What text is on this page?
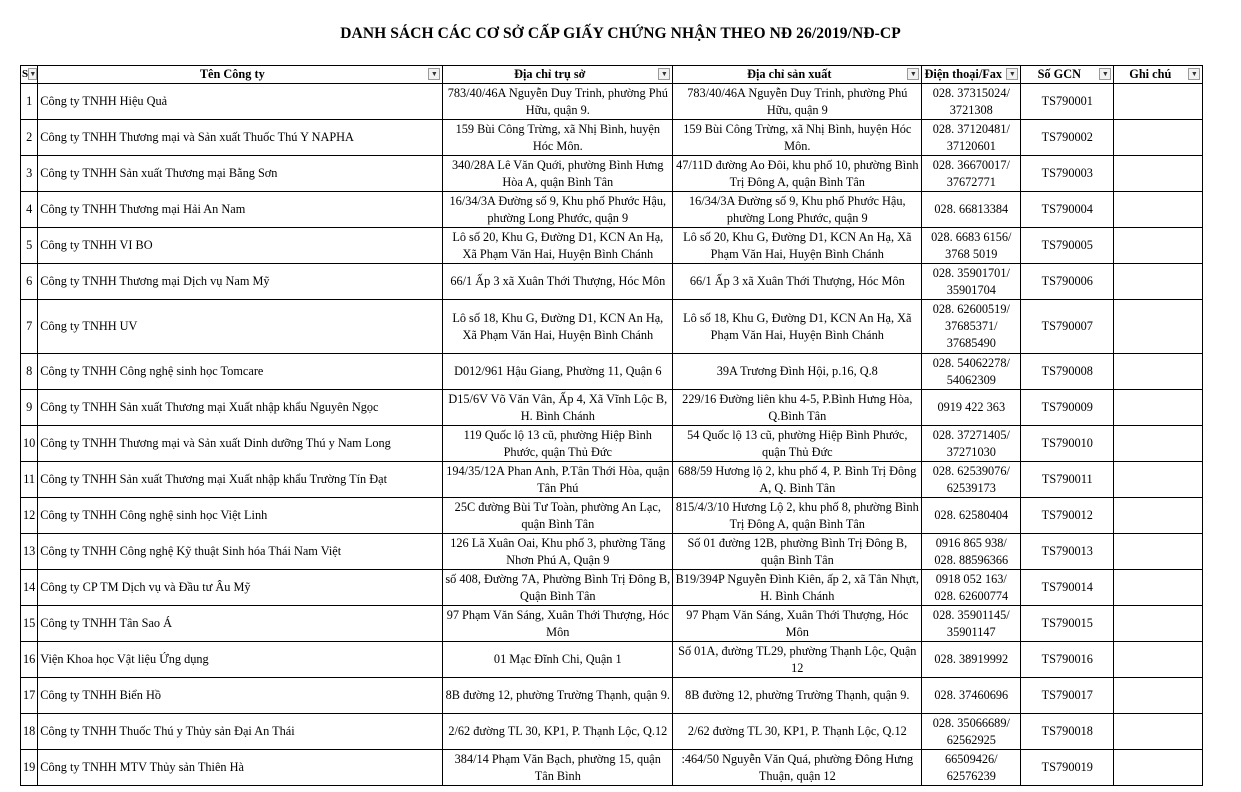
DANH SÁCH CÁC CƠ SỞ CẤP GIẤY CHỨNG NHẬN THEO NĐ 26/2019/NĐ-CP
S ▼	Tên Công ty ▼	Địa chỉ trụ sở ▼	Địa chỉ sản xuất ▼	Điện thoại/Fax ▼	Số GCN ▼	Ghi chú ▼

1	Công ty TNHH Hiệu Quả	783/40/46A Nguyễn Duy Trinh, phường Phú Hữu, quận 9.	783/40/46A Nguyễn Duy Trinh, phường Phú Hữu, quận 9	028. 37315024/ 3721308	TS790001	
2	Công ty TNHH Thương mại và Sản xuất Thuốc Thú Y NAPHA	159 Bùi Công Trừng, xã Nhị Bình, huyện Hóc Môn.	159 Bùi Công Trừng, xã Nhị Bình, huyện Hóc Môn.	028. 37120481/ 37120601	TS790002	
3	Công ty TNHH Sản xuất Thương mại Bằng Sơn	340/28A Lê Văn Quới, phường Bình Hưng Hòa A, quận Bình Tân	47/11D đường Ao Đôi, khu phố 10, phường Bình Trị Đông A, quận Bình Tân	028. 36670017/ 37672771	TS790003	
4	Công ty TNHH Thương mại Hải An Nam	16/34/3A Đường số 9, Khu phố Phước Hậu, phường Long Phước, quận 9	16/34/3A Đường số 9, Khu phố Phước Hậu, phường Long Phước, quận 9	028. 66813384	TS790004	
5	Công ty TNHH VI BO	Lô số 20, Khu G, Đường D1, KCN An Hạ, Xã Phạm Văn Hai, Huyện Bình Chánh	Lô số 20, Khu G, Đường D1, KCN An Hạ, Xã Phạm Văn Hai, Huyện Bình Chánh	028. 6683 6156/ 3768 5019	TS790005	
6	Công ty TNHH Thương mại Dịch vụ Nam Mỹ	66/1 Ấp 3 xã Xuân Thới Thượng, Hóc Môn	66/1 Ấp 3 xã Xuân Thới Thượng, Hóc Môn	028. 35901701/ 35901704	TS790006	
7	Công ty TNHH UV	Lô số 18, Khu G, Đường D1, KCN An Hạ, Xã Phạm Văn Hai, Huyện Bình Chánh	Lô số 18, Khu G, Đường D1, KCN An Hạ, Xã Phạm Văn Hai, Huyện Bình Chánh	028. 62600519/ 37685371/ 37685490	TS790007	
8	Công ty TNHH Công nghệ sinh học Tomcare	D012/961 Hậu Giang, Phường 11, Quận 6	39A Trương Đình Hội, p.16, Q.8	028. 54062278/ 54062309	TS790008	
9	Công ty TNHH Sản xuất Thương mại Xuất nhập khẩu Nguyên Ngọc	D15/6V Võ Văn Vân, Ấp 4, Xã Vĩnh Lộc B, H. Bình Chánh	229/16 Đường liên khu 4-5, P.Bình Hưng Hòa, Q.Bình Tân	0919 422 363	TS790009	
10	Công ty TNHH Thương mại và Sản xuất Dinh dưỡng Thú y Nam Long	119 Quốc lộ 13 cũ, phường Hiệp Bình Phước, quận Thủ Đức	54 Quốc lộ 13 cũ, phường Hiệp Bình Phước, quận Thủ Đức	028. 37271405/ 37271030	TS790010	
11	Công ty TNHH Sản xuất Thương mại Xuất nhập khẩu Trường Tín Đạt	194/35/12A Phan Anh, P.Tân Thới Hòa, quận Tân Phú	688/59 Hương lộ 2, khu phố 4, P. Bình Trị Đông A, Q. Bình Tân	028. 62539076/ 62539173	TS790011	
12	Công ty TNHH Công nghệ sinh học Việt Linh	25C đường Bùi Tư Toàn, phường An Lạc, quận Bình Tân	815/4/3/10 Hương Lộ 2, khu phố 8, phường Bình Trị Đông A, quận Bình Tân	028. 62580404	TS790012	
13	Công ty TNHH Công nghệ Kỹ thuật Sinh hóa Thái Nam Việt	126 Lã Xuân Oai, Khu phố 3, phường Tăng Nhơn Phú A, Quận 9	Số 01 đường 12B, phường Bình Trị Đông B, quận Bình Tân	0916 865 938/ 028. 88596366	TS790013	
14	Công ty CP TM Dịch vụ và Đầu tư Âu Mỹ	số 408, Đường 7A, Phường Bình Trị Đông B, Quận Bình Tân	B19/394P Nguyễn Đình Kiên, ấp 2, xã Tân Nhựt, H. Bình Chánh	0918 052 163/ 028. 62600774	TS790014	
15	Công ty TNHH Tân Sao Á	97 Phạm Văn Sáng, Xuân Thới Thượng, Hóc Môn	97 Phạm Văn Sáng, Xuân Thới Thượng, Hóc Môn	028. 35901145/ 35901147	TS790015	
16	Viện Khoa học Vật liệu Ứng dụng	01 Mạc Đĩnh Chi, Quận 1	Số 01A, đường TL29, phường Thạnh Lộc, Quận 12	028. 38919992	TS790016	
17	Công ty TNHH Biển Hồ	8B đường 12, phường Trường Thạnh, quận 9.	8B đường 12, phường Trường Thạnh, quận 9.	028. 37460696	TS790017	
18	Công ty TNHH Thuốc Thú y Thủy sản Đại An Thái	2/62 đường TL 30, KP1, P. Thạnh Lộc, Q.12	2/62 đường TL 30, KP1, P. Thạnh Lộc, Q.12	028. 35066689/ 62562925	TS790018	
19	Công ty TNHH MTV Thủy sản Thiên Hà	384/14 Phạm Văn Bạch, phường 15, quận Tân Bình	:464/50 Nguyễn Văn Quá, phường Đông Hưng Thuận, quận 12	66509426/ 62576239	TS790019	
